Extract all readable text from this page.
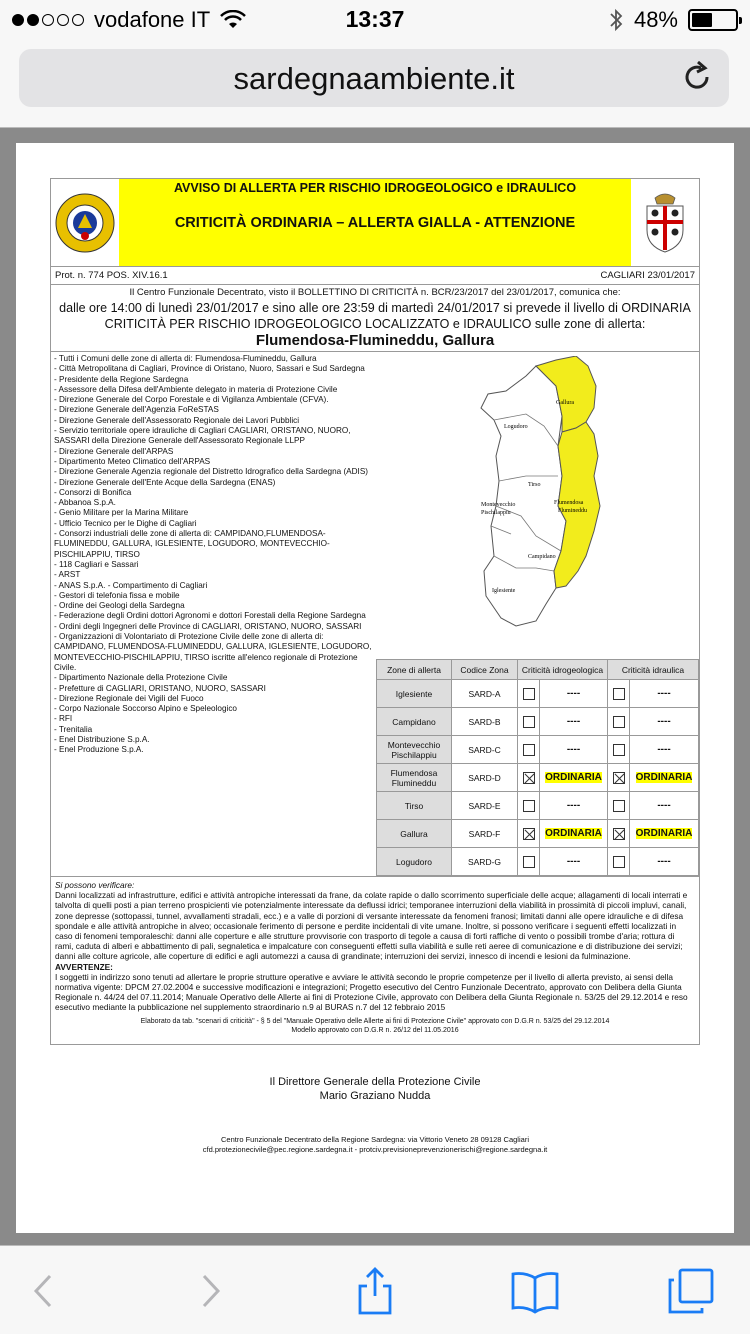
vodafone IT	13:37	48%
sardegnaambiente.it
AVVISO DI ALLERTA PER RISCHIO IDROGEOLOGICO e IDRAULICO
CRITICITÀ ORDINARIA – ALLERTA GIALLA - ATTENZIONE
Prot. n. 774 POS. XIV.16.1	CAGLIARI 23/01/2017
Il Centro Funzionale Decentrato, visto il BOLLETTINO DI CRITICITÀ n. BCR/23/2017 del 23/01/2017, comunica che:
dalle ore 14:00 di lunedì 23/01/2017 e sino alle ore 23:59 di martedì 24/01/2017 si prevede il livello di ORDINARIA CRITICITÀ PER RISCHIO IDROGEOLOGICO LOCALIZZATO e IDRAULICO sulle zone di allerta:
Flumendosa-Flumineddu, Gallura
- Tutti i Comuni delle zone di allerta di: Flumendosa-Flumineddu, Gallura
- Città Metropolitana di Cagliari, Province di Oristano, Nuoro, Sassari e Sud Sardegna
- Presidente della Regione Sardegna
- Assessore della Difesa dell'Ambiente delegato in materia di Protezione Civile
- Direzione Generale del Corpo Forestale e di Vigilanza Ambientale (CFVA).
- Direzione Generale dell'Agenzia FoReSTAS
- Direzione Generale dell'Assessorato Regionale dei Lavori Pubblici
- Servizio territoriale opere idrauliche di Cagliari CAGLIARI, ORISTANO, NUORO, SASSARI della Direzione Generale dell'Assessorato Regionale LLPP
- Direzione Generale dell'ARPAS
- Dipartimento Meteo Climatico dell'ARPAS
- Direzione Generale Agenzia regionale del Distretto Idrografico della Sardegna (ADIS)
- Direzione Generale dell'Ente Acque della Sardegna (ENAS)
- Consorzi di Bonifica
- Abbanoa S.p.A.
- Genio Militare per la Marina Militare
- Ufficio Tecnico per le Dighe di Cagliari
- Consorzi industriali delle zone di allerta di: CAMPIDANO,FLUMENDOSA-FLUMINEDDU, GALLURA, IGLESIENTE, LOGUDORO, MONTEVECCHIO-PISCHILAPPIU, TIRSO
- 118 Cagliari e Sassari
- ARST
- ANAS S.p.A. - Compartimento di Cagliari
- Gestori di telefonia fissa e mobile
- Ordine dei Geologi della Sardegna
- Federazione degli Ordini dottori Agronomi e dottori Forestali della Regione Sardegna
- Ordini degli Ingegneri delle Province di CAGLIARI, ORISTANO, NUORO, SASSARI
- Organizzazioni di Volontariato di Protezione Civile delle zone di allerta di: CAMPIDANO, FLUMENDOSA-FLUMINEDDU, GALLURA, IGLESIENTE, LOGUDORO, MONTEVECCHIO-PISCHILAPPIU, TIRSO iscritte all'elenco regionale di Protezione Civile.
- Dipartimento Nazionale della Protezione Civile
- Prefetture di CAGLIARI, ORISTANO, NUORO, SASSARI
- Direzione Regionale dei Vigili del Fuoco
- Corpo Nazionale Soccorso Alpino e Speleologico
- RFI
- Trenitalia
- Enel Distribuzione S.p.A.
- Enel Produzione S.p.A.
Gallura
Logudoro
Tirso
Flumendosa
Flumineddu
Montevecchio
Pischilappiu
Campidano
Iglesiente
Zone di allerta	Codice Zona	Criticità idrogeologica		Criticità idraulica	
Iglesiente	SARD-A		----		----
Campidano	SARD-B		----		----
Montevecchio Pischilappiu	SARD-C		----		----
Flumendosa Flumineddu	SARD-D		ORDINARIA		ORDINARIA
Tirso	SARD-E		----		----
Gallura	SARD-F		ORDINARIA		ORDINARIA
Logudoro	SARD-G		----		----
Si possono verificare:
Danni localizzati ad infrastrutture, edifici e attività antropiche interessati da frane, da colate rapide o dallo scorrimento superficiale delle acque; allagamenti di locali interrati e talvolta di quelli posti a pian terreno prospicienti vie potenzialmente interessate da deflussi idrici; temporanee interruzioni della viabilità in prossimità di piccoli impluvi, canali, zone depresse (sottopassi, tunnel, avvallamenti stradali, ecc.) e a valle di porzioni di versante interessate da fenomeni franosi; limitati danni alle opere idrauliche e di difesa spondale e alle attività antropiche in alveo; occasionale ferimento di persone e perdite incidentali di vite umane. Inoltre, si possono verificare i seguenti effetti localizzati in caso di fenomeni temporaleschi: danni alle coperture e alle strutture provvisorie con trasporto di tegole a causa di forti raffiche di vento o possibili trombe d'aria; rottura di rami, caduta di alberi e abbattimento di pali, segnaletica e impalcature con conseguenti effetti sulla viabilità e sulle reti aeree di comunicazione e di distribuzione dei servizi; danni alle colture agricole, alle coperture di edifici e agli automezzi a causa di grandinate; interruzioni dei servizi, innesco di incendi e lesioni da fulminazione.
AVVERTENZE:
I soggetti in indirizzo sono tenuti ad allertare le proprie strutture operative e avviare le attività secondo le proprie competenze per il livello di allerta previsto, ai sensi della normativa vigente: DPCM 27.02.2004 e successive modificazioni e integrazioni; Progetto esecutivo del Centro Funzionale Decentrato, approvato con Delibera della Giunta Regionale n. 44/24 del 07.11.2014; Manuale Operativo delle Allerte ai fini di Protezione Civile, approvato con Delibera della Giunta Regionale n. 53/25 del 29.12.2014 e reso esecutivo mediante la pubblicazione nel supplemento straordinario n.9 al BURAS n.7 del 12 febbraio 2015
Elaborato da tab. "scenari di criticità" - § 5 del "Manuale Operativo delle Allerte ai fini di Protezione Civile" approvato con D.G.R n. 53/25 del 29.12.2014
Modello approvato con D.G.R n. 26/12 del 11.05.2016
Il Direttore Generale della Protezione Civile
Mario Graziano Nudda
Centro Funzionale Decentrato della Regione Sardegna: via Vittorio Veneto 28 09128 Cagliari
cfd.protezionecivile@pec.regione.sardegna.it - protciv.previsioneprevenzionerischi@regione.sardegna.it
